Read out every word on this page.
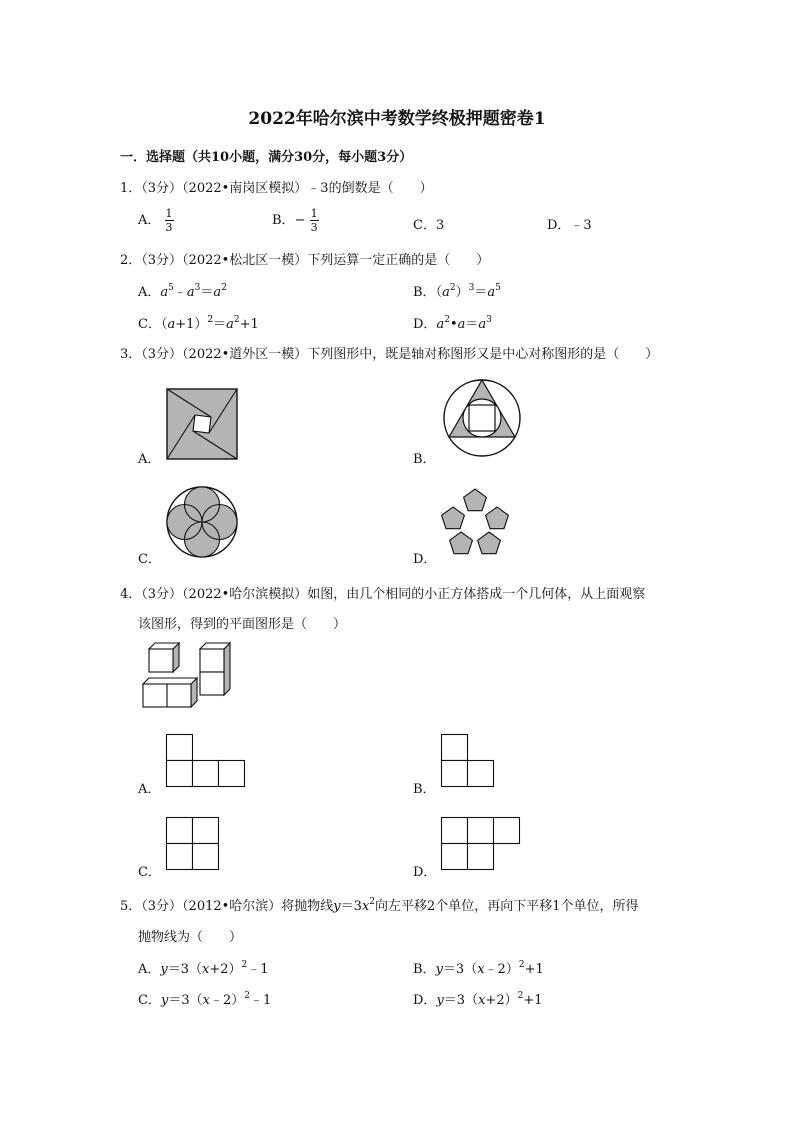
2022年哈尔滨中考数学终极押题密卷1
一．选择题（共10小题，满分30分，每小题3分）
1．（3分）（2022•南岗区模拟）﹣3的倒数是（　　）
A． $\frac{1}{3}$	B．− $\frac{1}{3}$	C．3	D．﹣3
2．（3分）（2022•松北区一模）下列运算一定正确的是（　　）
A．$a^5﹣a^3=a^2$	B．$(a^2)^3=a^5$
C．$(a+1)^2=a^2+1$	D．$a^2•a=a^3$
3．（3分）（2022•道外区一模）下列图形中，既是轴对称图形又是中心对称图形的是（　　）
A．	B．
C．	D．
4．（3分）（2022•哈尔滨模拟）如图，由几个相同的小正方体搭成一个几何体，从上面观察
该图形，得到的平面图形是（　　）
A．	B．
C．	D．
5．（3分）（2012•哈尔滨）将抛物线$y=3x^2$向左平移2个单位，再向下平移1个单位，所得
抛物线为（　　）
A．$y=3(x+2)^2﹣1$	B．y＝3（x﹣2）$^2$+1
C．y＝3（x﹣2）$^2$﹣1	D．$y=3(x+2)^2+1$
